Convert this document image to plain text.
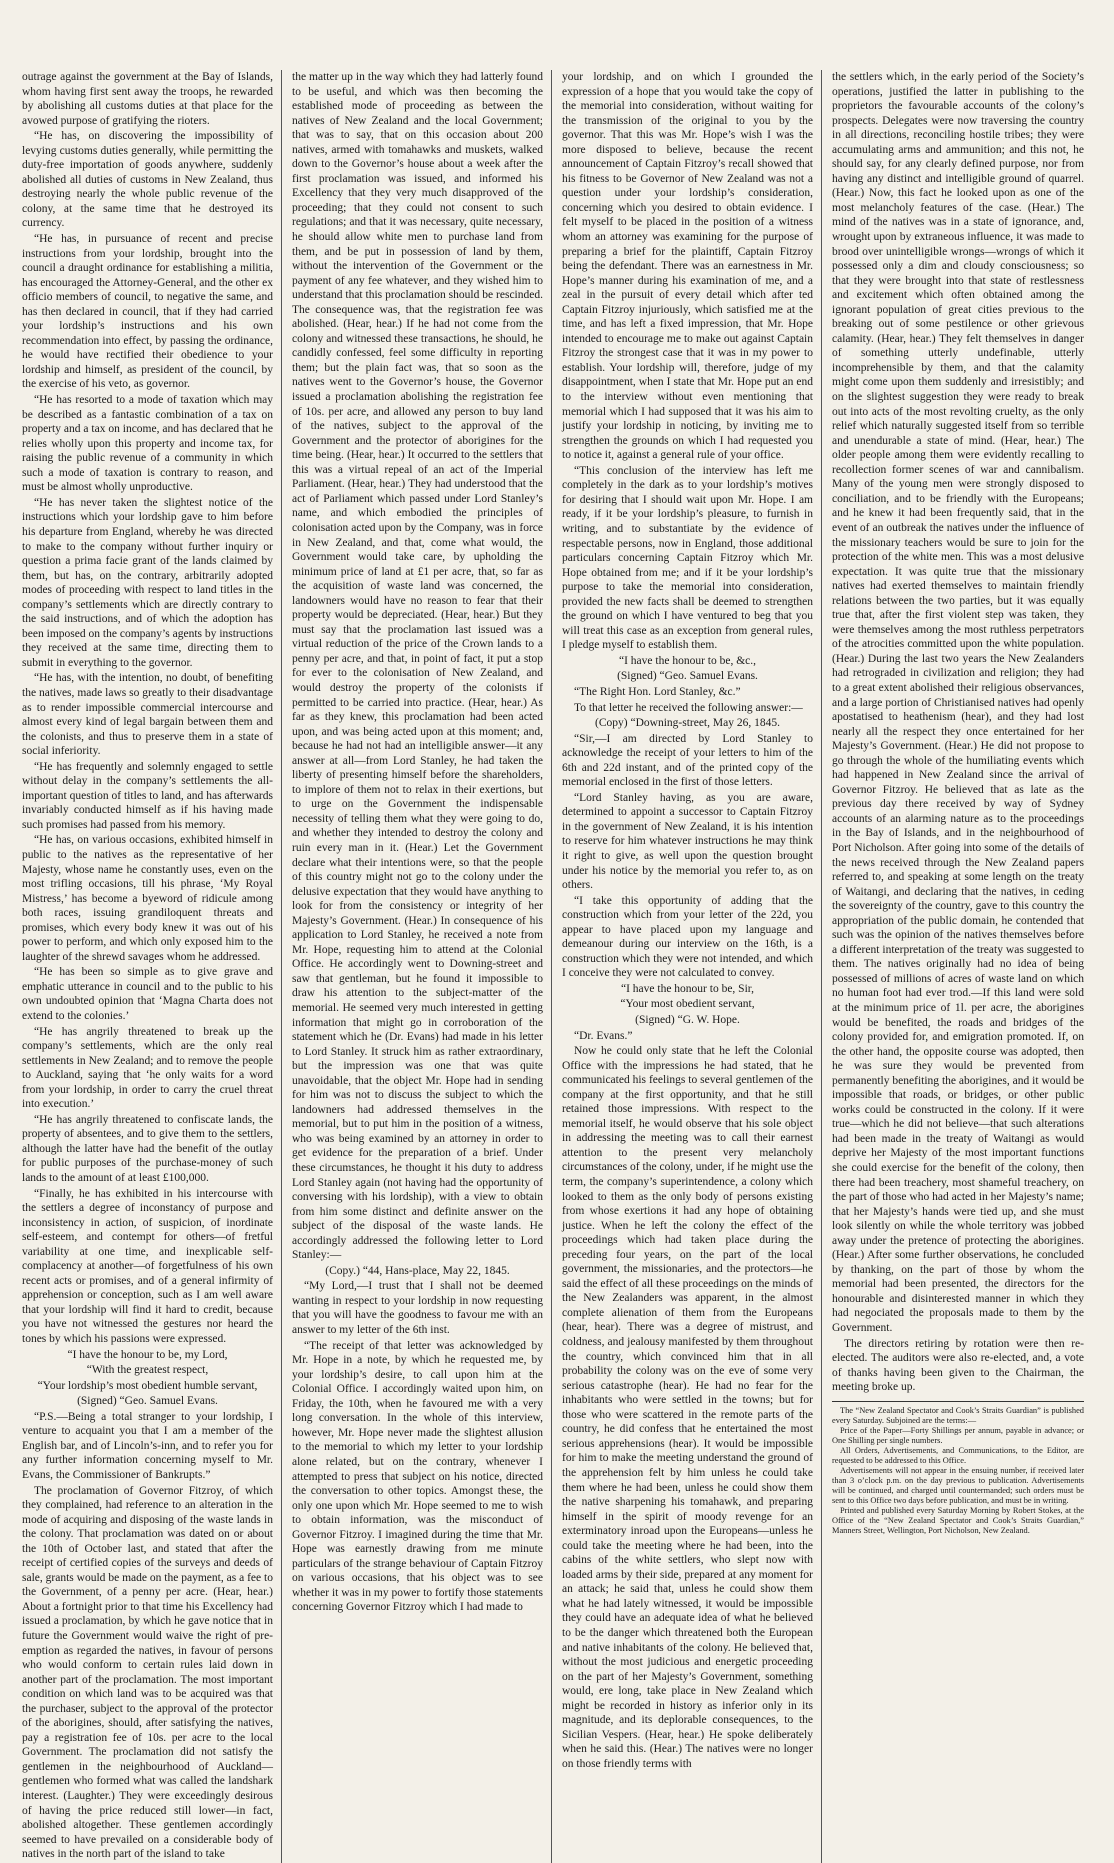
outrage against the government at the Bay of Islands, whom having first sent away the troops, he rewarded by abolishing all customs duties at that place for the avowed purpose of gratifying the rioters.

“He has, on discovering the impossibility of levying customs duties generally, while permitting the duty-free importation of goods anywhere, suddenly abolished all duties of customs in New Zealand, thus destroying nearly the whole public revenue of the colony, at the same time that he destroyed its currency.

“He has, in pursuance of recent and precise instructions from your lordship, brought into the council a draught ordinance for establishing a militia, has encouraged the Attorney-General, and the other ex officio members of council, to negative the same, and has then declared in council, that if they had carried your lordship’s instructions and his own recommendation into effect, by passing the ordinance, he would have rectified their obedience to your lordship and himself, as president of the council, by the exercise of his veto, as governor.

“He has resorted to a mode of taxation which may be described as a fantastic combination of a tax on property and a tax on income, and has declared that he relies wholly upon this property and income tax, for raising the public revenue of a community in which such a mode of taxation is contrary to reason, and must be almost wholly unproductive.

“He has never taken the slightest notice of the instructions which your lordship gave to him before his departure from England, whereby he was directed to make to the company without further inquiry or question a prima facie grant of the lands claimed by them, but has, on the contrary, arbitrarily adopted modes of proceeding with respect to land titles in the company’s settlements which are directly contrary to the said instructions, and of which the adoption has been imposed on the company’s agents by instructions they received at the same time, directing them to submit in everything to the governor.

“He has, with the intention, no doubt, of benefiting the natives, made laws so greatly to their disadvantage as to render impossible commercial intercourse and almost every kind of legal bargain between them and the colonists, and thus to preserve them in a state of social inferiority.

“He has frequently and solemnly engaged to settle without delay in the company’s settlements the all-important question of titles to land, and has afterwards invariably conducted himself as if his having made such promises had passed from his memory.

“He has, on various occasions, exhibited himself in public to the natives as the representative of her Majesty, whose name he constantly uses, even on the most trifling occasions, till his phrase, ‘My Royal Mistress,’ has become a byeword of ridicule among both races, issuing grandiloquent threats and promises, which every body knew it was out of his power to perform, and which only exposed him to the laughter of the shrewd savages whom he addressed.

“He has been so simple as to give grave and emphatic utterance in council and to the public to his own undoubted opinion that ‘Magna Charta does not extend to the colonies.’

“He has angrily threatened to break up the company’s settlements, which are the only real settlements in New Zealand; and to remove the people to Auckland, saying that ‘he only waits for a word from your lordship, in order to carry the cruel threat into execution.’

“He has angrily threatened to confiscate lands, the property of absentees, and to give them to the settlers, although the latter have had the benefit of the outlay for public purposes of the purchase-money of such lands to the amount of at least £100,000.

“Finally, he has exhibited in his intercourse with the settlers a degree of inconstancy of purpose and inconsistency in action, of suspicion, of inordinate self-esteem, and contempt for others—of fretful variability at one time, and inexplicable self-complacency at another—of forgetfulness of his own recent acts or promises, and of a general infirmity of apprehension or conception, such as I am well aware that your lordship will find it hard to credit, because you have not witnessed the gestures nor heard the tones by which his passions were expressed.

“I have the honour to be, my Lord,

“With the greatest respect,

“Your lordship’s most obedient humble servant,

(Signed) “Geo. Samuel Evans.

“P.S.—Being a total stranger to your lordship, I venture to acquaint you that I am a member of the English bar, and of Lincoln’s-inn, and to refer you for any further information concerning myself to Mr. Evans, the Commissioner of Bankrupts.”

The proclamation of Governor Fitzroy, of which they complained, had reference to an alteration in the mode of acquiring and disposing of the waste lands in the colony. That proclamation was dated on or about the 10th of October last, and stated that after the receipt of certified copies of the surveys and deeds of sale, grants would be made on the payment, as a fee to the Government, of a penny per acre. (Hear, hear.) About a fortnight prior to that time his Excellency had issued a proclamation, by which he gave notice that in future the Government would waive the right of pre-emption as regarded the natives, in favour of persons who would conform to certain rules laid down in another part of the proclamation. The most important condition on which land was to be acquired was that the purchaser, subject to the approval of the protector of the aborigines, should, after satisfying the natives, pay a registration fee of 10s. per acre to the local Government. The proclamation did not satisfy the gentlemen in the neighbourhood of Auckland—gentlemen who formed what was called the landshark interest. (Laughter.) They were exceedingly desirous of having the price reduced still lower—in fact, abolished altogether. These gentlemen accordingly seemed to have prevailed on a considerable body of natives in the north part of the island to take

the matter up in the way which they had latterly found to be useful, and which was then becoming the established mode of proceeding as between the natives of New Zealand and the local Government; that was to say, that on this occasion about 200 natives, armed with tomahawks and muskets, walked down to the Governor’s house about a week after the first proclamation was issued, and informed his Excellency that they very much disapproved of the proceeding; that they could not consent to such regulations; and that it was necessary, quite necessary, he should allow white men to purchase land from them, and be put in possession of land by them, without the intervention of the Government or the payment of any fee whatever, and they wished him to understand that this proclamation should be rescinded. The consequence was, that the registration fee was abolished. (Hear, hear.) If he had not come from the colony and witnessed these transactions, he should, he candidly confessed, feel some difficulty in reporting them; but the plain fact was, that so soon as the natives went to the Governor’s house, the Governor issued a proclamation abolishing the registration fee of 10s. per acre, and allowed any person to buy land of the natives, subject to the approval of the Government and the protector of aborigines for the time being. (Hear, hear.) It occurred to the settlers that this was a virtual repeal of an act of the Imperial Parliament. (Hear, hear.) They had understood that the act of Parliament which passed under Lord Stanley’s name, and which embodied the principles of colonisation acted upon by the Company, was in force in New Zealand, and that, come what would, the Government would take care, by upholding the minimum price of land at £1 per acre, that, so far as the acquisition of waste land was concerned, the landowners would have no reason to fear that their property would be depreciated. (Hear, hear.) But they must say that the proclamation last issued was a virtual reduction of the price of the Crown lands to a penny per acre, and that, in point of fact, it put a stop for ever to the colonisation of New Zealand, and would destroy the property of the colonists if permitted to be carried into practice. (Hear, hear.) As far as they knew, this proclamation had been acted upon, and was being acted upon at this moment; and, because he had not had an intelligible answer—it any answer at all—from Lord Stanley, he had taken the liberty of presenting himself before the shareholders, to implore of them not to relax in their exertions, but to urge on the Government the indispensable necessity of telling them what they were going to do, and whether they intended to destroy the colony and ruin every man in it. (Hear.) Let the Government declare what their intentions were, so that the people of this country might not go to the colony under the delusive expectation that they would have anything to look for from the consistency or integrity of her Majesty’s Government. (Hear.) In consequence of his application to Lord Stanley, he received a note from Mr. Hope, requesting him to attend at the Colonial Office. He accordingly went to Downing-street and saw that gentleman, but he found it impossible to draw his attention to the subject-matter of the memorial. He seemed very much interested in getting information that might go in corroboration of the statement which he (Dr. Evans) had made in his letter to Lord Stanley. It struck him as rather extraordinary, but the impression was one that was quite unavoidable, that the object Mr. Hope had in sending for him was not to discuss the subject to which the landowners had addressed themselves in the memorial, but to put him in the position of a witness, who was being examined by an attorney in order to get evidence for the preparation of a brief. Under these circumstances, he thought it his duty to address Lord Stanley again (not having had the opportunity of conversing with his lordship), with a view to obtain from him some distinct and definite answer on the subject of the disposal of the waste lands. He accordingly addressed the following letter to Lord Stanley:—

(Copy.) “44, Hans-place, May 22, 1845.

“My Lord,—I trust that I shall not be deemed wanting in respect to your lordship in now requesting that you will have the goodness to favour me with an answer to my letter of the 6th inst.

“The receipt of that letter was acknowledged by Mr. Hope in a note, by which he requested me, by your lordship’s desire, to call upon him at the Colonial Office. I accordingly waited upon him, on Friday, the 10th, when he favoured me with a very long conversation. In the whole of this interview, however, Mr. Hope never made the slightest allusion to the memorial to which my letter to your lordship alone related, but on the contrary, whenever I attempted to press that subject on his notice, directed the conversation to other topics. Amongst these, the only one upon which Mr. Hope seemed to me to wish to obtain information, was the misconduct of Governor Fitzroy. I imagined during the time that Mr. Hope was earnestly drawing from me minute particulars of the strange behaviour of Captain Fitzroy on various occasions, that his object was to see whether it was in my power to fortify those statements concerning Governor Fitzroy which I had made to

your lordship, and on which I grounded the expression of a hope that you would take the copy of the memorial into consideration, without waiting for the transmission of the original to you by the governor. That this was Mr. Hope’s wish I was the more disposed to believe, because the recent announcement of Captain Fitzroy’s recall showed that his fitness to be Governor of New Zealand was not a question under your lordship’s consideration, concerning which you desired to obtain evidence. I felt myself to be placed in the position of a witness whom an attorney was examining for the purpose of preparing a brief for the plaintiff, Captain Fitzroy being the defendant. There was an earnestness in Mr. Hope’s manner during his examination of me, and a zeal in the pursuit of every detail which after ted Captain Fitzroy injuriously, which satisfied me at the time, and has left a fixed impression, that Mr. Hope intended to encourage me to make out against Captain Fitzroy the strongest case that it was in my power to establish. Your lordship will, therefore, judge of my disappointment, when I state that Mr. Hope put an end to the interview without even mentioning that memorial which I had supposed that it was his aim to justify your lordship in noticing, by inviting me to strengthen the grounds on which I had requested you to notice it, against a general rule of your office.

“This conclusion of the interview has left me completely in the dark as to your lordship’s motives for desiring that I should wait upon Mr. Hope. I am ready, if it be your lordship’s pleasure, to furnish in writing, and to substantiate by the evidence of respectable persons, now in England, those additional particulars concerning Captain Fitzroy which Mr. Hope obtained from me; and if it be your lordship’s purpose to take the memorial into consideration, provided the new facts shall be deemed to strengthen the ground on which I have ventured to beg that you will treat this case as an exception from general rules, I pledge myself to establish them.

“I have the honour to be, &c.,

(Signed) “Geo. Samuel Evans.

“The Right Hon. Lord Stanley, &c.”

To that letter he received the following answer:—

(Copy) “Downing-street, May 26, 1845.

“Sir,—I am directed by Lord Stanley to acknowledge the receipt of your letters to him of the 6th and 22d instant, and of the printed copy of the memorial enclosed in the first of those letters.

“Lord Stanley having, as you are aware, determined to appoint a successor to Captain Fitzroy in the government of New Zealand, it is his intention to reserve for him whatever instructions he may think it right to give, as well upon the question brought under his notice by the memorial you refer to, as on others.

“I take this opportunity of adding that the construction which from your letter of the 22d, you appear to have placed upon my language and demeanour during our interview on the 16th, is a construction which they were not intended, and which I conceive they were not calculated to convey.

“I have the honour to be, Sir,

“Your most obedient servant,

(Signed) “G. W. Hope.

“Dr. Evans.”

Now he could only state that he left the Colonial Office with the impressions he had stated, that he communicated his feelings to several gentlemen of the company at the first opportunity, and that he still retained those impressions. With respect to the memorial itself, he would observe that his sole object in addressing the meeting was to call their earnest attention to the present very melancholy circumstances of the colony, under, if he might use the term, the company’s superintendence, a colony which looked to them as the only body of persons existing from whose exertions it had any hope of obtaining justice. When he left the colony the effect of the proceedings which had taken place during the preceding four years, on the part of the local government, the missionaries, and the protectors—he said the effect of all these proceedings on the minds of the New Zealanders was apparent, in the almost complete alienation of them from the Europeans (hear, hear). There was a degree of mistrust, and coldness, and jealousy manifested by them throughout the country, which convinced him that in all probability the colony was on the eve of some very serious catastrophe (hear). He had no fear for the inhabitants who were settled in the towns; but for those who were scattered in the remote parts of the country, he did confess that he entertained the most serious apprehensions (hear). It would be impossible for him to make the meeting understand the ground of the apprehension felt by him unless he could take them where he had been, unless he could show them the native sharpening his tomahawk, and preparing himself in the spirit of moody revenge for an exterminatory inroad upon the Europeans—unless he could take the meeting where he had been, into the cabins of the white settlers, who slept now with loaded arms by their side, prepared at any moment for an attack; he said that, unless he could show them what he had lately witnessed, it would be impossible they could have an adequate idea of what he believed to be the danger which threatened both the European and native inhabitants of the colony. He believed that, without the most judicious and energetic proceeding on the part of her Majesty’s Government, something would, ere long, take place in New Zealand which might be recorded in history as inferior only in its magnitude, and its deplorable consequences, to the Sicilian Vespers. (Hear, hear.) He spoke deliberately when he said this. (Hear.) The natives were no longer on those friendly terms with

the settlers which, in the early period of the Society’s operations, justified the latter in publishing to the proprietors the favourable accounts of the colony’s prospects. Delegates were now traversing the country in all directions, reconciling hostile tribes; they were accumulating arms and ammunition; and this not, he should say, for any clearly defined purpose, nor from having any distinct and intelligible ground of quarrel. (Hear.) Now, this fact he looked upon as one of the most melancholy features of the case. (Hear.) The mind of the natives was in a state of ignorance, and, wrought upon by extraneous influence, it was made to brood over unintelligible wrongs—wrongs of which it possessed only a dim and cloudy consciousness; so that they were brought into that state of restlessness and excitement which often obtained among the ignorant population of great cities previous to the breaking out of some pestilence or other grievous calamity. (Hear, hear.) They felt themselves in danger of something utterly undefinable, utterly incomprehensible by them, and that the calamity might come upon them suddenly and irresistibly; and on the slightest suggestion they were ready to break out into acts of the most revolting cruelty, as the only relief which naturally suggested itself from so terrible and unendurable a state of mind. (Hear, hear.) The older people among them were evidently recalling to recollection former scenes of war and cannibalism. Many of the young men were strongly disposed to conciliation, and to be friendly with the Europeans; and he knew it had been frequently said, that in the event of an outbreak the natives under the influence of the missionary teachers would be sure to join for the protection of the white men. This was a most delusive expectation. It was quite true that the missionary natives had exerted themselves to maintain friendly relations between the two parties, but it was equally true that, after the first violent step was taken, they were themselves among the most ruthless perpetrators of the atrocities committed upon the white population. (Hear.) During the last two years the New Zealanders had retrograded in civilization and religion; they had to a great extent abolished their religious observances, and a large portion of Christianised natives had openly apostatised to heathenism (hear), and they had lost nearly all the respect they once entertained for her Majesty’s Government. (Hear.) He did not propose to go through the whole of the humiliating events which had happened in New Zealand since the arrival of Governor Fitzroy. He believed that as late as the previous day there received by way of Sydney accounts of an alarming nature as to the proceedings in the Bay of Islands, and in the neighbourhood of Port Nicholson. After going into some of the details of the news received through the New Zealand papers referred to, and speaking at some length on the treaty of Waitangi, and declaring that the natives, in ceding the sovereignty of the country, gave to this country the appropriation of the public domain, he contended that such was the opinion of the natives themselves before a different interpretation of the treaty was suggested to them. The natives originally had no idea of being possessed of millions of acres of waste land on which no human foot had ever trod.—If this land were sold at the minimum price of 1l. per acre, the aborigines would be benefited, the roads and bridges of the colony provided for, and emigration promoted. If, on the other hand, the opposite course was adopted, then he was sure they would be prevented from permanently benefiting the aborigines, and it would be impossible that roads, or bridges, or other public works could be constructed in the colony. If it were true—which he did not believe—that such alterations had been made in the treaty of Waitangi as would deprive her Majesty of the most important functions she could exercise for the benefit of the colony, then there had been treachery, most shameful treachery, on the part of those who had acted in her Majesty’s name; that her Majesty’s hands were tied up, and she must look silently on while the whole territory was jobbed away under the pretence of protecting the aborigines. (Hear.) After some further observations, he concluded by thanking, on the part of those by whom the memorial had been presented, the directors for the honourable and disinterested manner in which they had negociated the proposals made to them by the Government.

The directors retiring by rotation were then re-elected. The auditors were also re-elected, and, a vote of thanks having been given to the Chairman, the meeting broke up.

The “New Zealand Spectator and Cook’s Straits Guardian” is published every Saturday. Subjoined are the terms:—

Price of the Paper—Forty Shillings per annum, payable in advance; or One Shilling per single numbers.

All Orders, Advertisements, and Communications, to the Editor, are requested to be addressed to this Office.

Advertisements will not appear in the ensuing number, if received later than 3 o’clock p.m. on the day previous to publication. Advertisements will be continued, and charged until countermanded; such orders must be sent to this Office two days before publication, and must be in writing.

Printed and published every Saturday Morning by Robert Stokes, at the Office of the “New Zealand Spectator and Cook’s Straits Guardian,” Manners Street, Wellington, Port Nicholson, New Zealand.
